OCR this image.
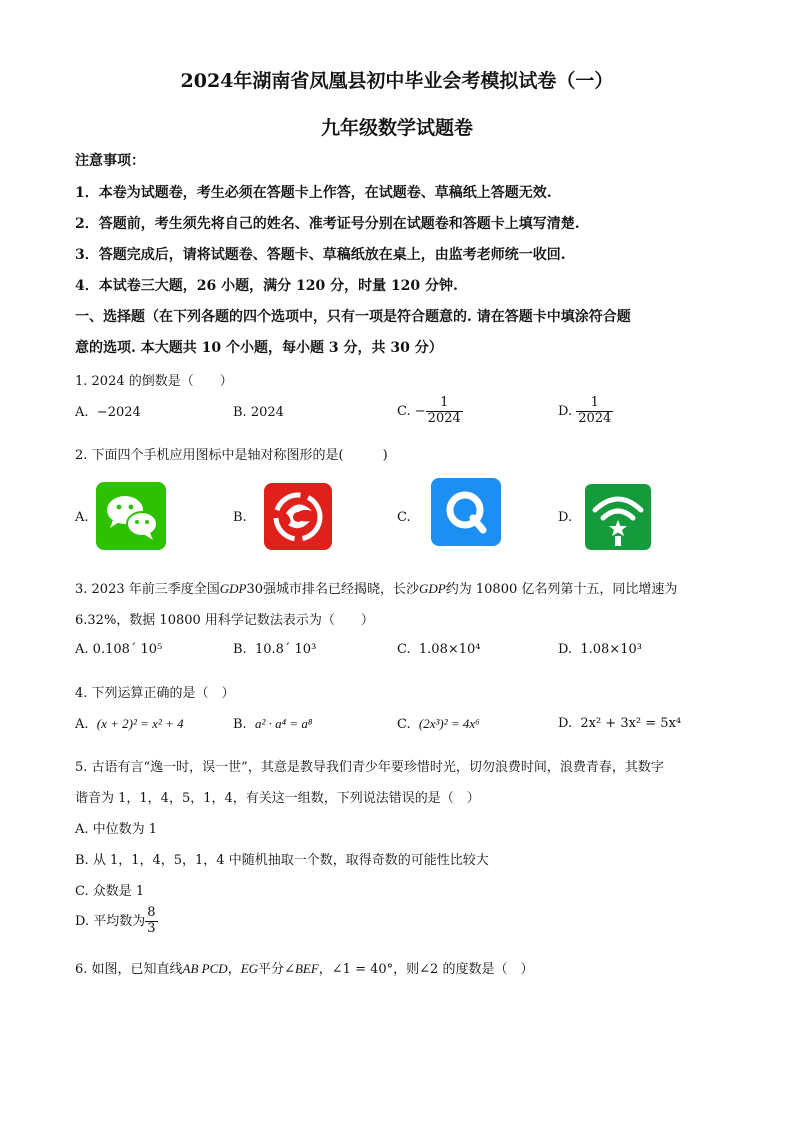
2024年湖南省凤凰县初中毕业会考模拟试卷（一）
九年级数学试题卷
注意事项：
1．本卷为试题卷，考生必须在答题卡上作答，在试题卷、草稿纸上答题无效.
2．答题前，考生须先将自己的姓名、准考证号分别在试题卷和答题卡上填写清楚.
3．答题完成后，请将试题卷、答题卡、草稿纸放在桌上，由监考老师统一收回.
4．本试卷三大题，26 小题，满分 120 分，时量 120 分钟.
一、选择题（在下列各题的四个选项中，只有一项是符合题意的. 请在答题卡中填涂符合题
意的选项. 本大题共 10 个小题，每小题 3 分，共 30 分）
1. 2024 的倒数是（　　）
A. −2024	B. 2024	C. − $\frac{1}{2024}$	D. $\frac{1}{2024}$
2. 下面四个手机应用图标中是轴对称图形的是(　　　)
A.	B.	C.	D.
3. 2023 年前三季度全国GDP30强城市排名已经揭晓，长沙GDP约为 10800 亿名列第十五，同比增速为
6.32%，数据 10800 用科学记数法表示为（　　）
A. 0.108´ 10⁵	B. 10.8´ 10³	C. 1.08×10⁴	D. 1.08×10³
4. 下列运算正确的是（　）
A. (x + 2)² = x² + 4	B. a² · a⁴ = a⁸	C. (2x³)² = 4x⁶	D. 2x² + 3x² = 5x⁴
5. 古语有言“逸一时，误一世”，其意是教导我们青少年要珍惜时光，切勿浪费时间，浪费青春，其数字
谐音为 1，1，4，5，1，4，有关这一组数，下列说法错误的是（　）
A. 中位数为 1
B. 从 1，1，4，5，1，4 中随机抽取一个数，取得奇数的可能性比较大
C. 众数是 1
D. 平均数为 $\frac{8}{3}$
6. 如图，已知直线AB PCD，EG平分∠BEF，∠1 = 40°，则∠2 的度数是（　）
